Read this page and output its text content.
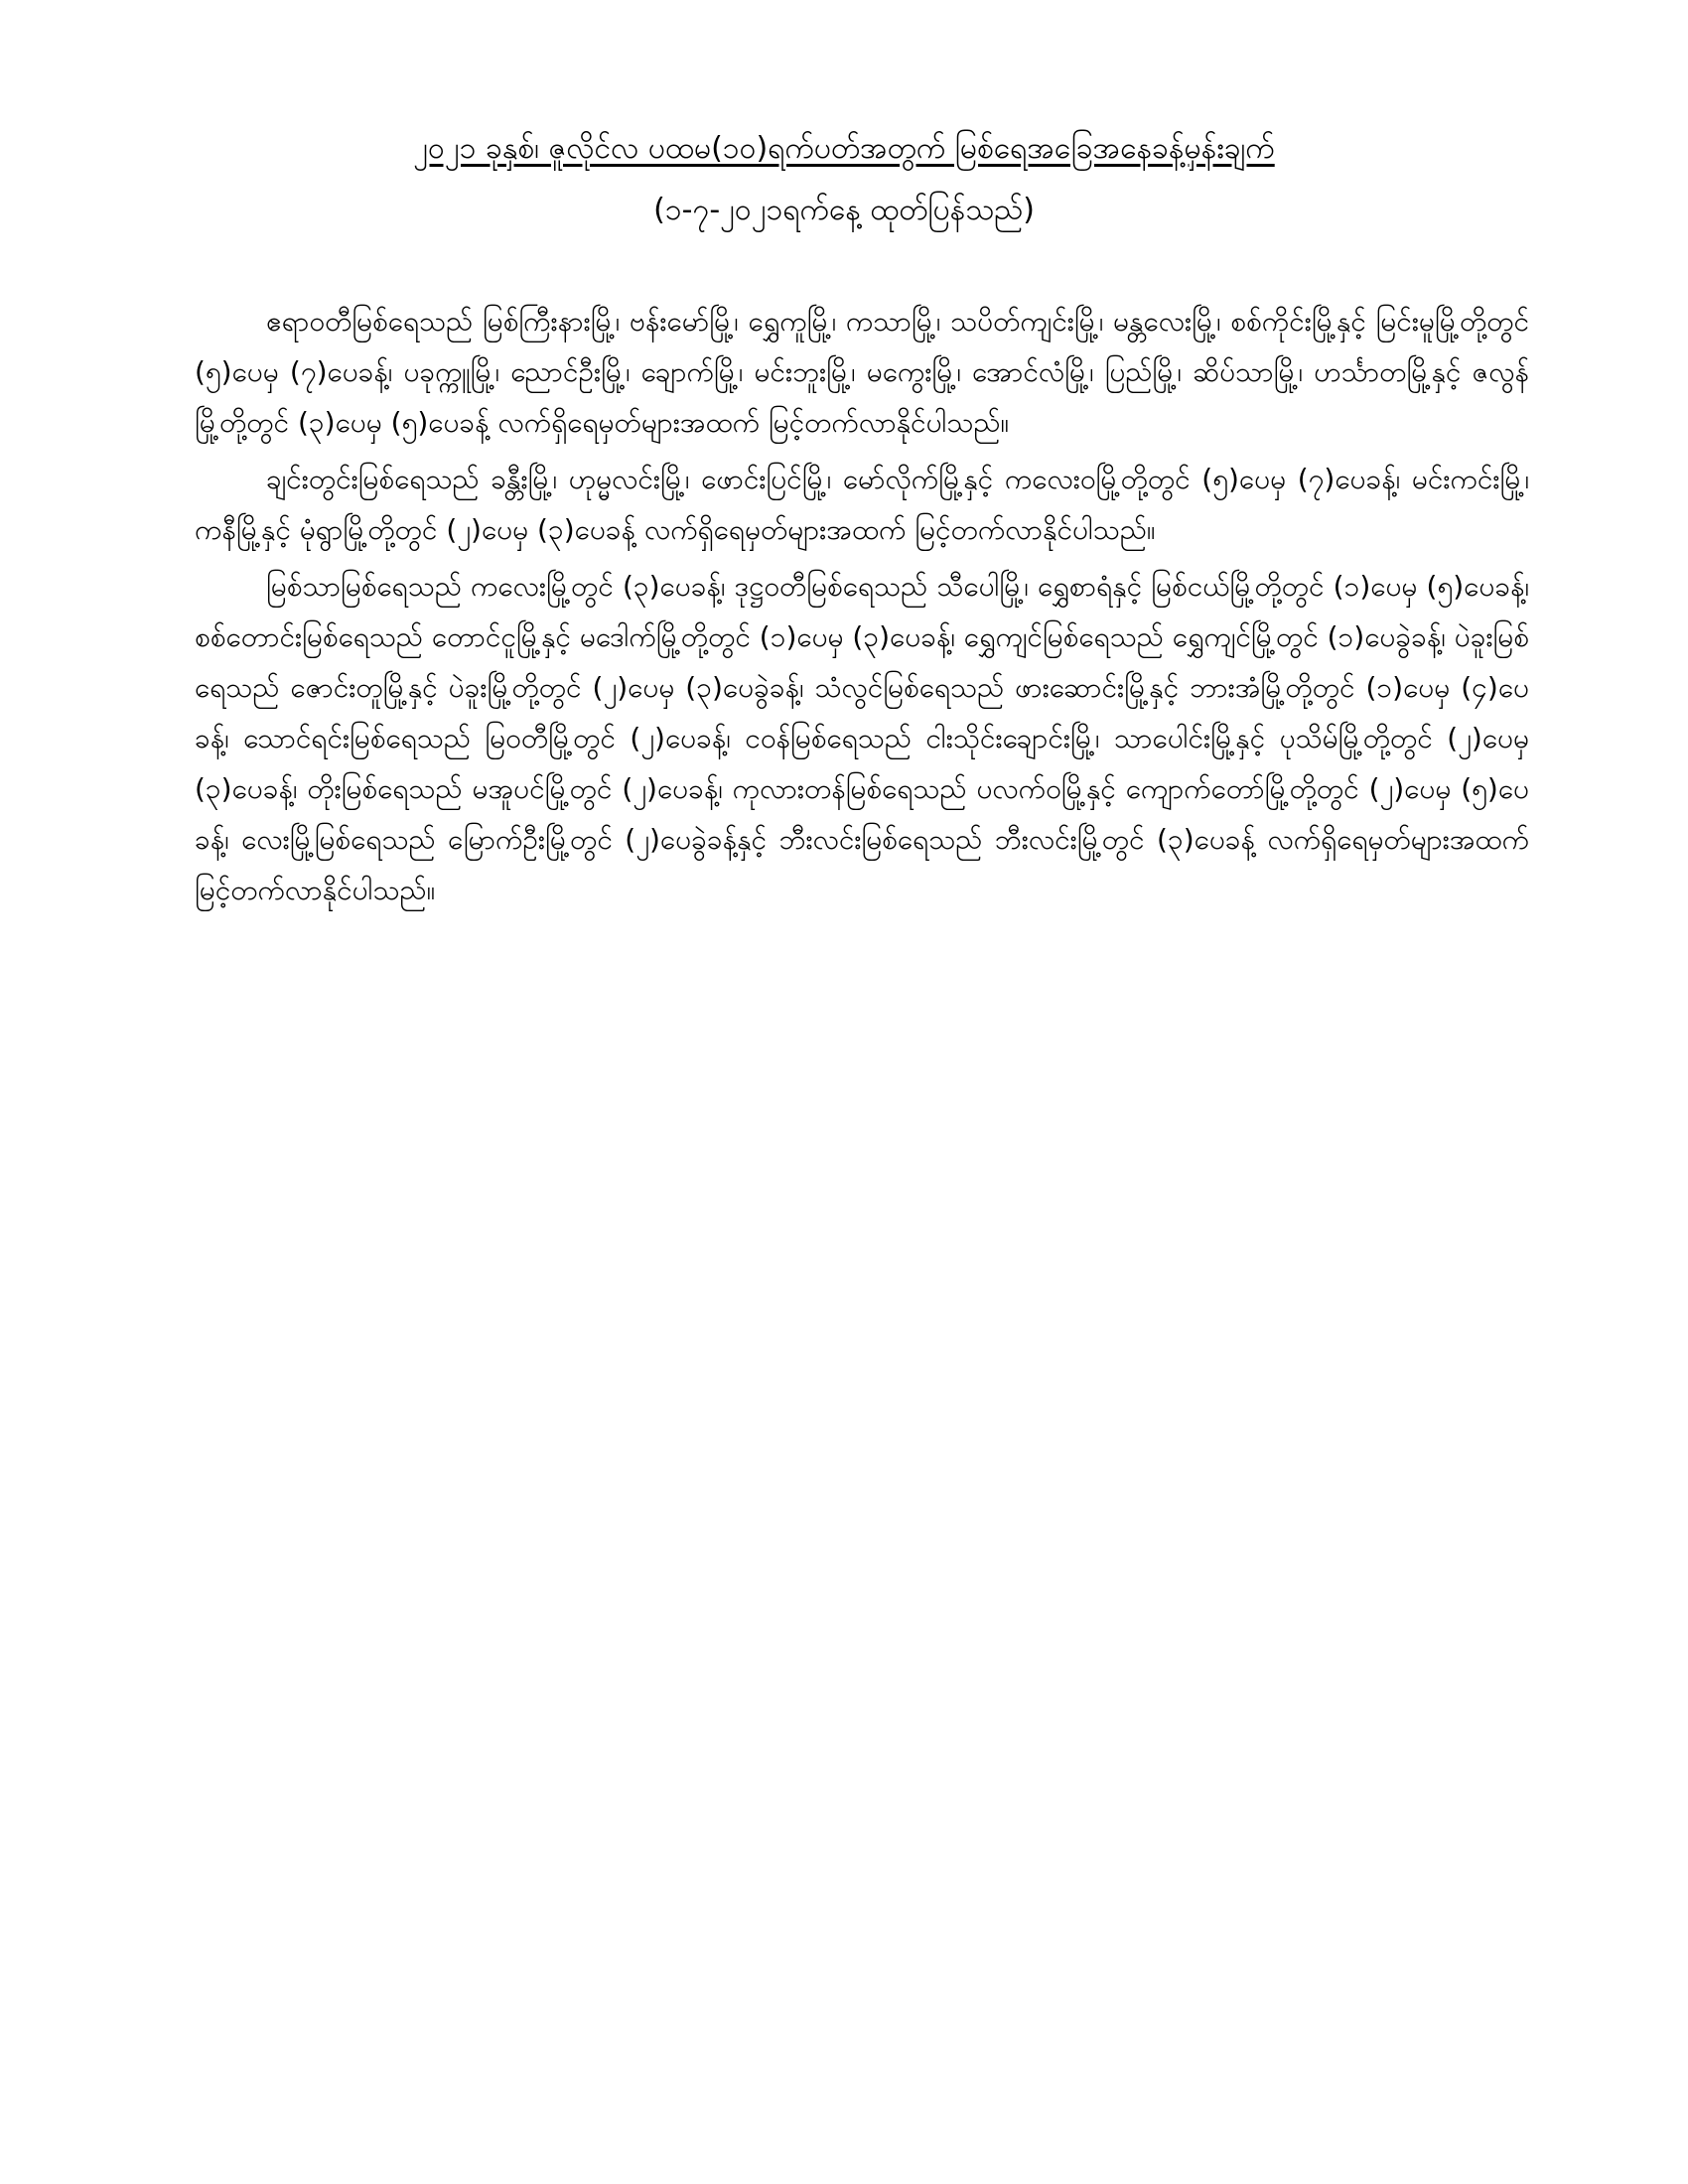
၂၀၂၁ ခုနှစ်၊ ဇူလိုင်လ ပထမ(၁၀)ရက်ပတ်အတွက် မြစ်ရေအခြေအနေခန့်မှန်းချက်
(၁-၇-၂၀၂၁ရက်နေ့ ထုတ်ပြန်သည်)

ဧရာဝတီမြစ်ရေသည် မြစ်ကြီးနားမြို့၊ ဗန်းမော်မြို့၊ ရွှေကူမြို့၊ ကသာမြို့၊ သပိတ်ကျင်းမြို့၊ မန္တလေးမြို့၊ စစ်ကိုင်းမြို့နှင့် မြင်းမူမြို့တို့တွင် (၅)ပေမှ (၇)ပေခန့်၊ ပခုက္ကူမြို့၊ ညောင်ဦးမြို့၊ ချောက်မြို့၊ မင်းဘူးမြို့၊ မကွေးမြို့၊ အောင်လံမြို့၊ ပြည်မြို့၊ ဆိပ်သာမြို့၊ ဟင်္သာတမြို့နှင့် ဇလွန်မြို့တို့တွင် (၃)ပေမှ (၅)ပေခန့် လက်ရှိရေမှတ်များအထက် မြင့်တက်လာနိုင်ပါသည်။

ချင်းတွင်းမြစ်ရေသည် ခန္တီးမြို့၊ ဟုမ္မလင်းမြို့၊ ဖောင်းပြင်မြို့၊ မော်လိုက်မြို့နှင့် ကလေးဝမြို့တို့တွင် (၅)ပေမှ (၇)ပေခန့်၊ မင်းကင်းမြို့၊ ကနီမြို့နှင့် မုံရွာမြို့တို့တွင် (၂)ပေမှ (၃)ပေခန့် လက်ရှိရေမှတ်များအထက် မြင့်တက်လာနိုင်ပါသည်။

မြစ်သာမြစ်ရေသည် ကလေးမြို့တွင် (၃)ပေခန့်၊ ဒုဋ္ဌဝတီမြစ်ရေသည် သီပေါမြို့၊ ရွှေစာရံနှင့် မြစ်ငယ်မြို့တို့တွင် (၁)ပေမှ (၅)ပေခန့်၊ စစ်တောင်းမြစ်ရေသည် တောင်ငူမြို့နှင့် မဒေါက်မြို့တို့တွင် (၁)ပေမှ (၃)ပေခန့်၊ ရွှေကျင်မြစ်ရေသည် ရွှေကျင်မြို့တွင် (၁)ပေခွဲခန့်၊ ပဲခူးမြစ်ရေသည် ဇောင်းတူမြို့နှင့် ပဲခူးမြို့တို့တွင် (၂)ပေမှ (၃)ပေခွဲခန့်၊ သံလွင်မြစ်ရေသည် ဖားဆောင်းမြို့နှင့် ဘားအံမြို့တို့တွင် (၁)ပေမှ (၄)ပေခန့်၊ သောင်ရင်းမြစ်ရေသည် မြဝတီမြို့တွင် (၂)ပေခန့်၊ ငဝန်မြစ်ရေသည် ငါးသိုင်းချောင်းမြို့၊ သာပေါင်းမြို့နှင့် ပုသိမ်မြို့တို့တွင် (၂)ပေမှ (၃)ပေခန့်၊ တိုးမြစ်ရေသည် မအူပင်မြို့တွင် (၂)ပေခန့်၊ ကုလားတန်မြစ်ရေသည် ပလက်ဝမြို့နှင့် ကျောက်တော်မြို့တို့တွင် (၂)ပေမှ (၅)ပေခန့်၊ လေးမြို့မြစ်ရေသည် မြောက်ဦးမြို့တွင် (၂)ပေခွဲခန့်နှင့် ဘီးလင်းမြစ်ရေသည် ဘီးလင်းမြို့တွင် (၃)ပေခန့် လက်ရှိရေမှတ်များအထက် မြင့်တက်လာနိုင်ပါသည်။
